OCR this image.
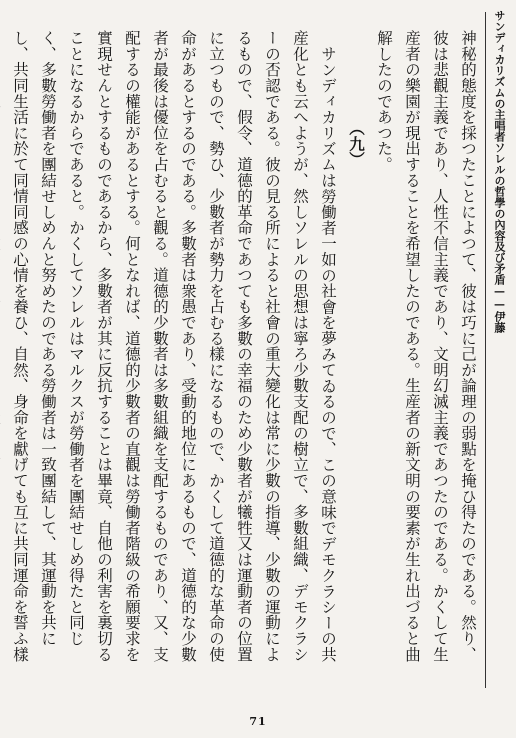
サンディカリズムの主唱者ソレルの哲學の內容及び矛盾——伊藤

神秘的態度を採つたことによつて、彼は巧に己が論理の弱點を掩ひ得たのである。然り、彼は悲觀主義であり、人性不信主義であり、文明幻滅主義であつたのである。かくして生産者の樂園が現出することを希望したのである。生産者の新文明の要素が生れ出づると曲解したのであつた。

（九）

サンディカリズムは勞働者一如の社會を夢みてゐるので、この意味でデモクラシーの共産化とも云へようが、然しソレルの思想は寧ろ少數支配の樹立で、多數組織、デモクラシーの否認である。彼の見る所によると社會の重大變化は常に少數の指導、少數の運動によるもので、假令、道德的革命であつても多數の幸福のため少數者が犧牲又は運動者の位置に立つもので、勢ひ、少數者が勢力を占むる樣になるもので、かくして道德的な革命の使命があるとするのである。多數者は衆愚であり、受動的地位にあるもので、道德的な少數者が最後は優位を占むると觀る。道德的少數者は多數組織を支配するものであり、又、支配するの權能があるとする。何となれば、道德的少數者の直觀は勞働者階級の希願要求を實現せんとするものであるから、多數者が其に反抗することは畢竟、自他の利害を裏切ることになるからであると。かくしてソレルはマルクスが勞働者を團結せしめ得たと同じく、多數勞働者を團結せしめんと努めたのである勞働者は一致團結して、其運動を共にし、共同生活に於て同情同感の心情を養ひ、自然、身命を獻げても互に共同運命を誓ふ樣

71
